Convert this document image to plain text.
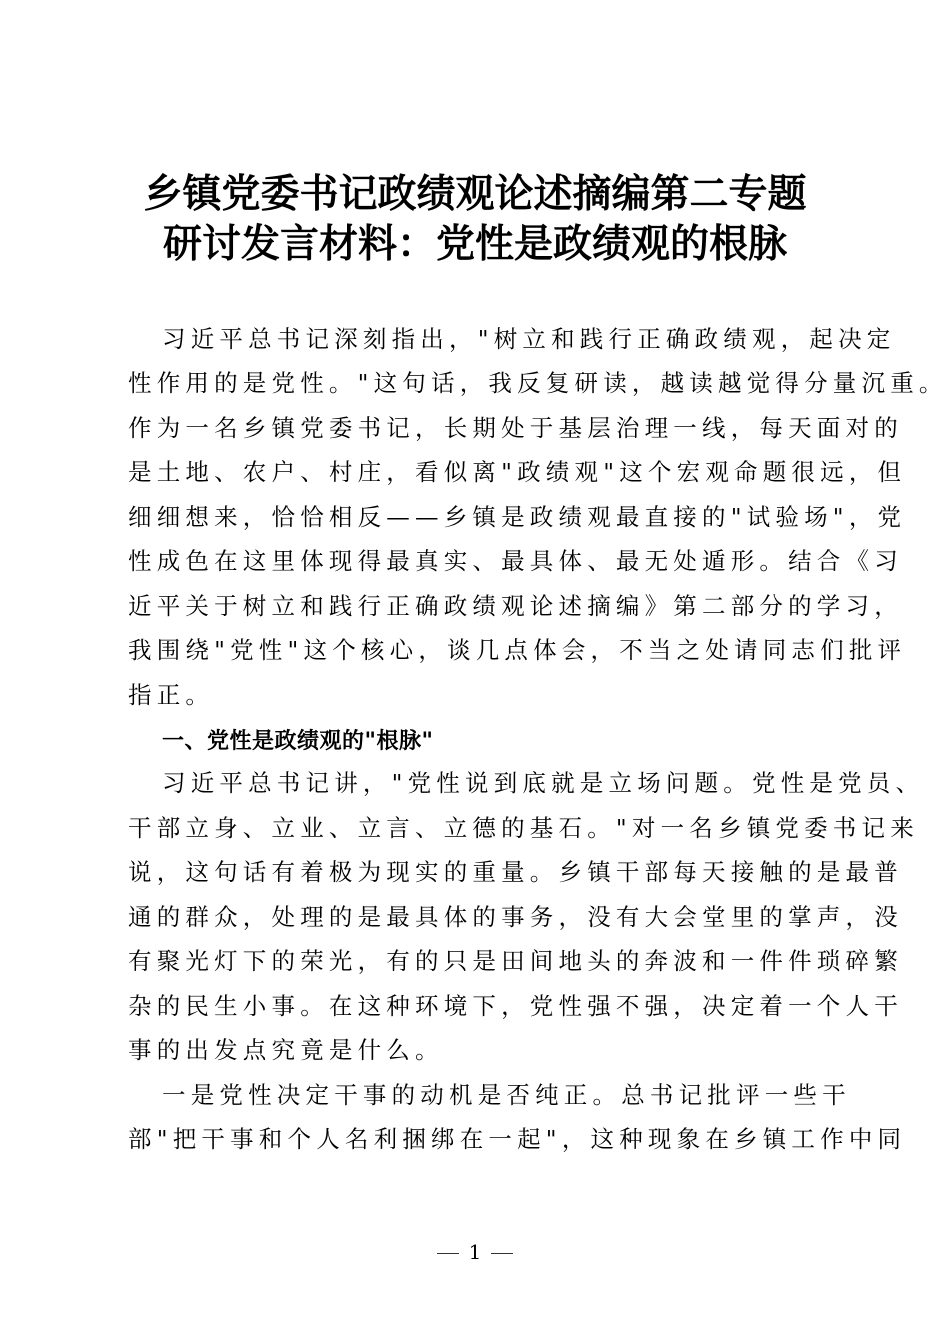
乡镇党委书记政绩观论述摘编第二专题
研讨发言材料：党性是政绩观的根脉
习近平总书记深刻指出，"树立和践行正确政绩观，起决定
性作用的是党性。"这句话，我反复研读，越读越觉得分量沉重。
作为一名乡镇党委书记，长期处于基层治理一线，每天面对的
是土地、农户、村庄，看似离"政绩观"这个宏观命题很远，但
细细想来，恰恰相反——乡镇是政绩观最直接的"试验场"，党
性成色在这里体现得最真实、最具体、最无处遁形。结合《习
近平关于树立和践行正确政绩观论述摘编》第二部分的学习，
我围绕"党性"这个核心，谈几点体会，不当之处请同志们批评
指正。
一、党性是政绩观的"根脉"
习近平总书记讲，"党性说到底就是立场问题。党性是党员、
干部立身、立业、立言、立德的基石。"对一名乡镇党委书记来
说，这句话有着极为现实的重量。乡镇干部每天接触的是最普
通的群众，处理的是最具体的事务，没有大会堂里的掌声，没
有聚光灯下的荣光，有的只是田间地头的奔波和一件件琐碎繁
杂的民生小事。在这种环境下，党性强不强，决定着一个人干
事的出发点究竟是什么。
一是党性决定干事的动机是否纯正。总书记批评一些干
部"把干事和个人名利捆绑在一起"，这种现象在乡镇工作中同
1
